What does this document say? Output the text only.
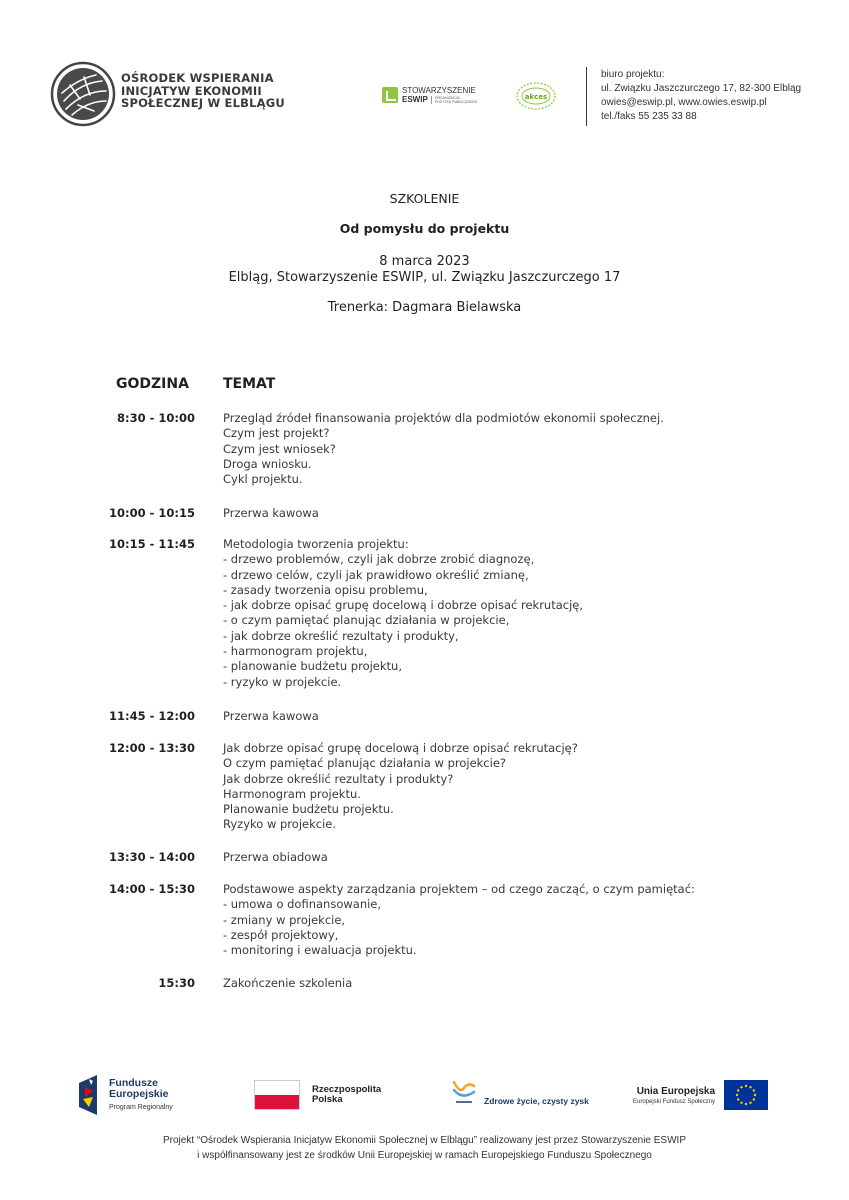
ОŚRODEK WSPIERANIA
INICJATYW EKONOMII
SPOŁECZNEJ W ELBLĄGU
STOWARZYSZENIE
ESWIP ORGANIZACJA
POŻYTKU PUBLICZNEGO
akces
biuro projektu:
ul. Związku Jaszczurczego 17, 82-300 Elbląg
owies@eswip.pl, www.owies.eswip.pl
tel./faks 55 235 33 88
SZKOLENIE
Od pomysłu do projektu
8 marca 2023
Elbląg, Stowarzyszenie ESWIP, ul. Związku Jaszczurczego 17
Trenerka: Dagmara Bielawska
GODZINA TEMAT
8:30 - 10:00 Przegląd źródeł finansowania projektów dla podmiotów ekonomii społecznej.
Czym jest projekt?
Czym jest wniosek?
Droga wniosku.
Cykl projektu.
10:00 - 10:15 Przerwa kawowa
10:15 - 11:45 Metodologia tworzenia projektu:
- drzewo problemów, czyli jak dobrze zrobić diagnozę,
- drzewo celów, czyli jak prawidłowo określić zmianę,
- zasady tworzenia opisu problemu,
- jak dobrze opisać grupę docelową i dobrze opisać rekrutację,
- o czym pamiętać planując działania w projekcie,
- jak dobrze określić rezultaty i produkty,
- harmonogram projektu,
- planowanie budżetu projektu,
- ryzyko w projekcie.
11:45 - 12:00 Przerwa kawowa
12:00 - 13:30 Jak dobrze opisać grupę docelową i dobrze opisać rekrutację?
O czym pamiętać planując działania w projekcie?
Jak dobrze określić rezultaty i produkty?
Harmonogram projektu.
Planowanie budżetu projektu.
Ryzyko w projekcie.
13:30 - 14:00 Przerwa obiadowa
14:00 - 15:30 Podstawowe aspekty zarządzania projektem – od czego zacząć, o czym pamiętać:
- umowa o dofinansowanie,
- zmiany w projekcie,
- zespół projektowy,
- monitoring i ewaluacja projektu.
15:30 Zakończenie szkolenia
Fundusze
Europejskie
Program Regionalny
Rzeczpospolita
Polska	Zdrowe życie, czysty zysk
Unia Europejska
Europejski Fundusz Społeczny
Projekt “Ośrodek Wspierania Inicjatyw Ekonomii Społecznej w Elblągu” realizowany jest przez Stowarzyszenie ESWIP
i współfinansowany jest ze środków Unii Europejskiej w ramach Europejskiego Funduszu Społecznego
